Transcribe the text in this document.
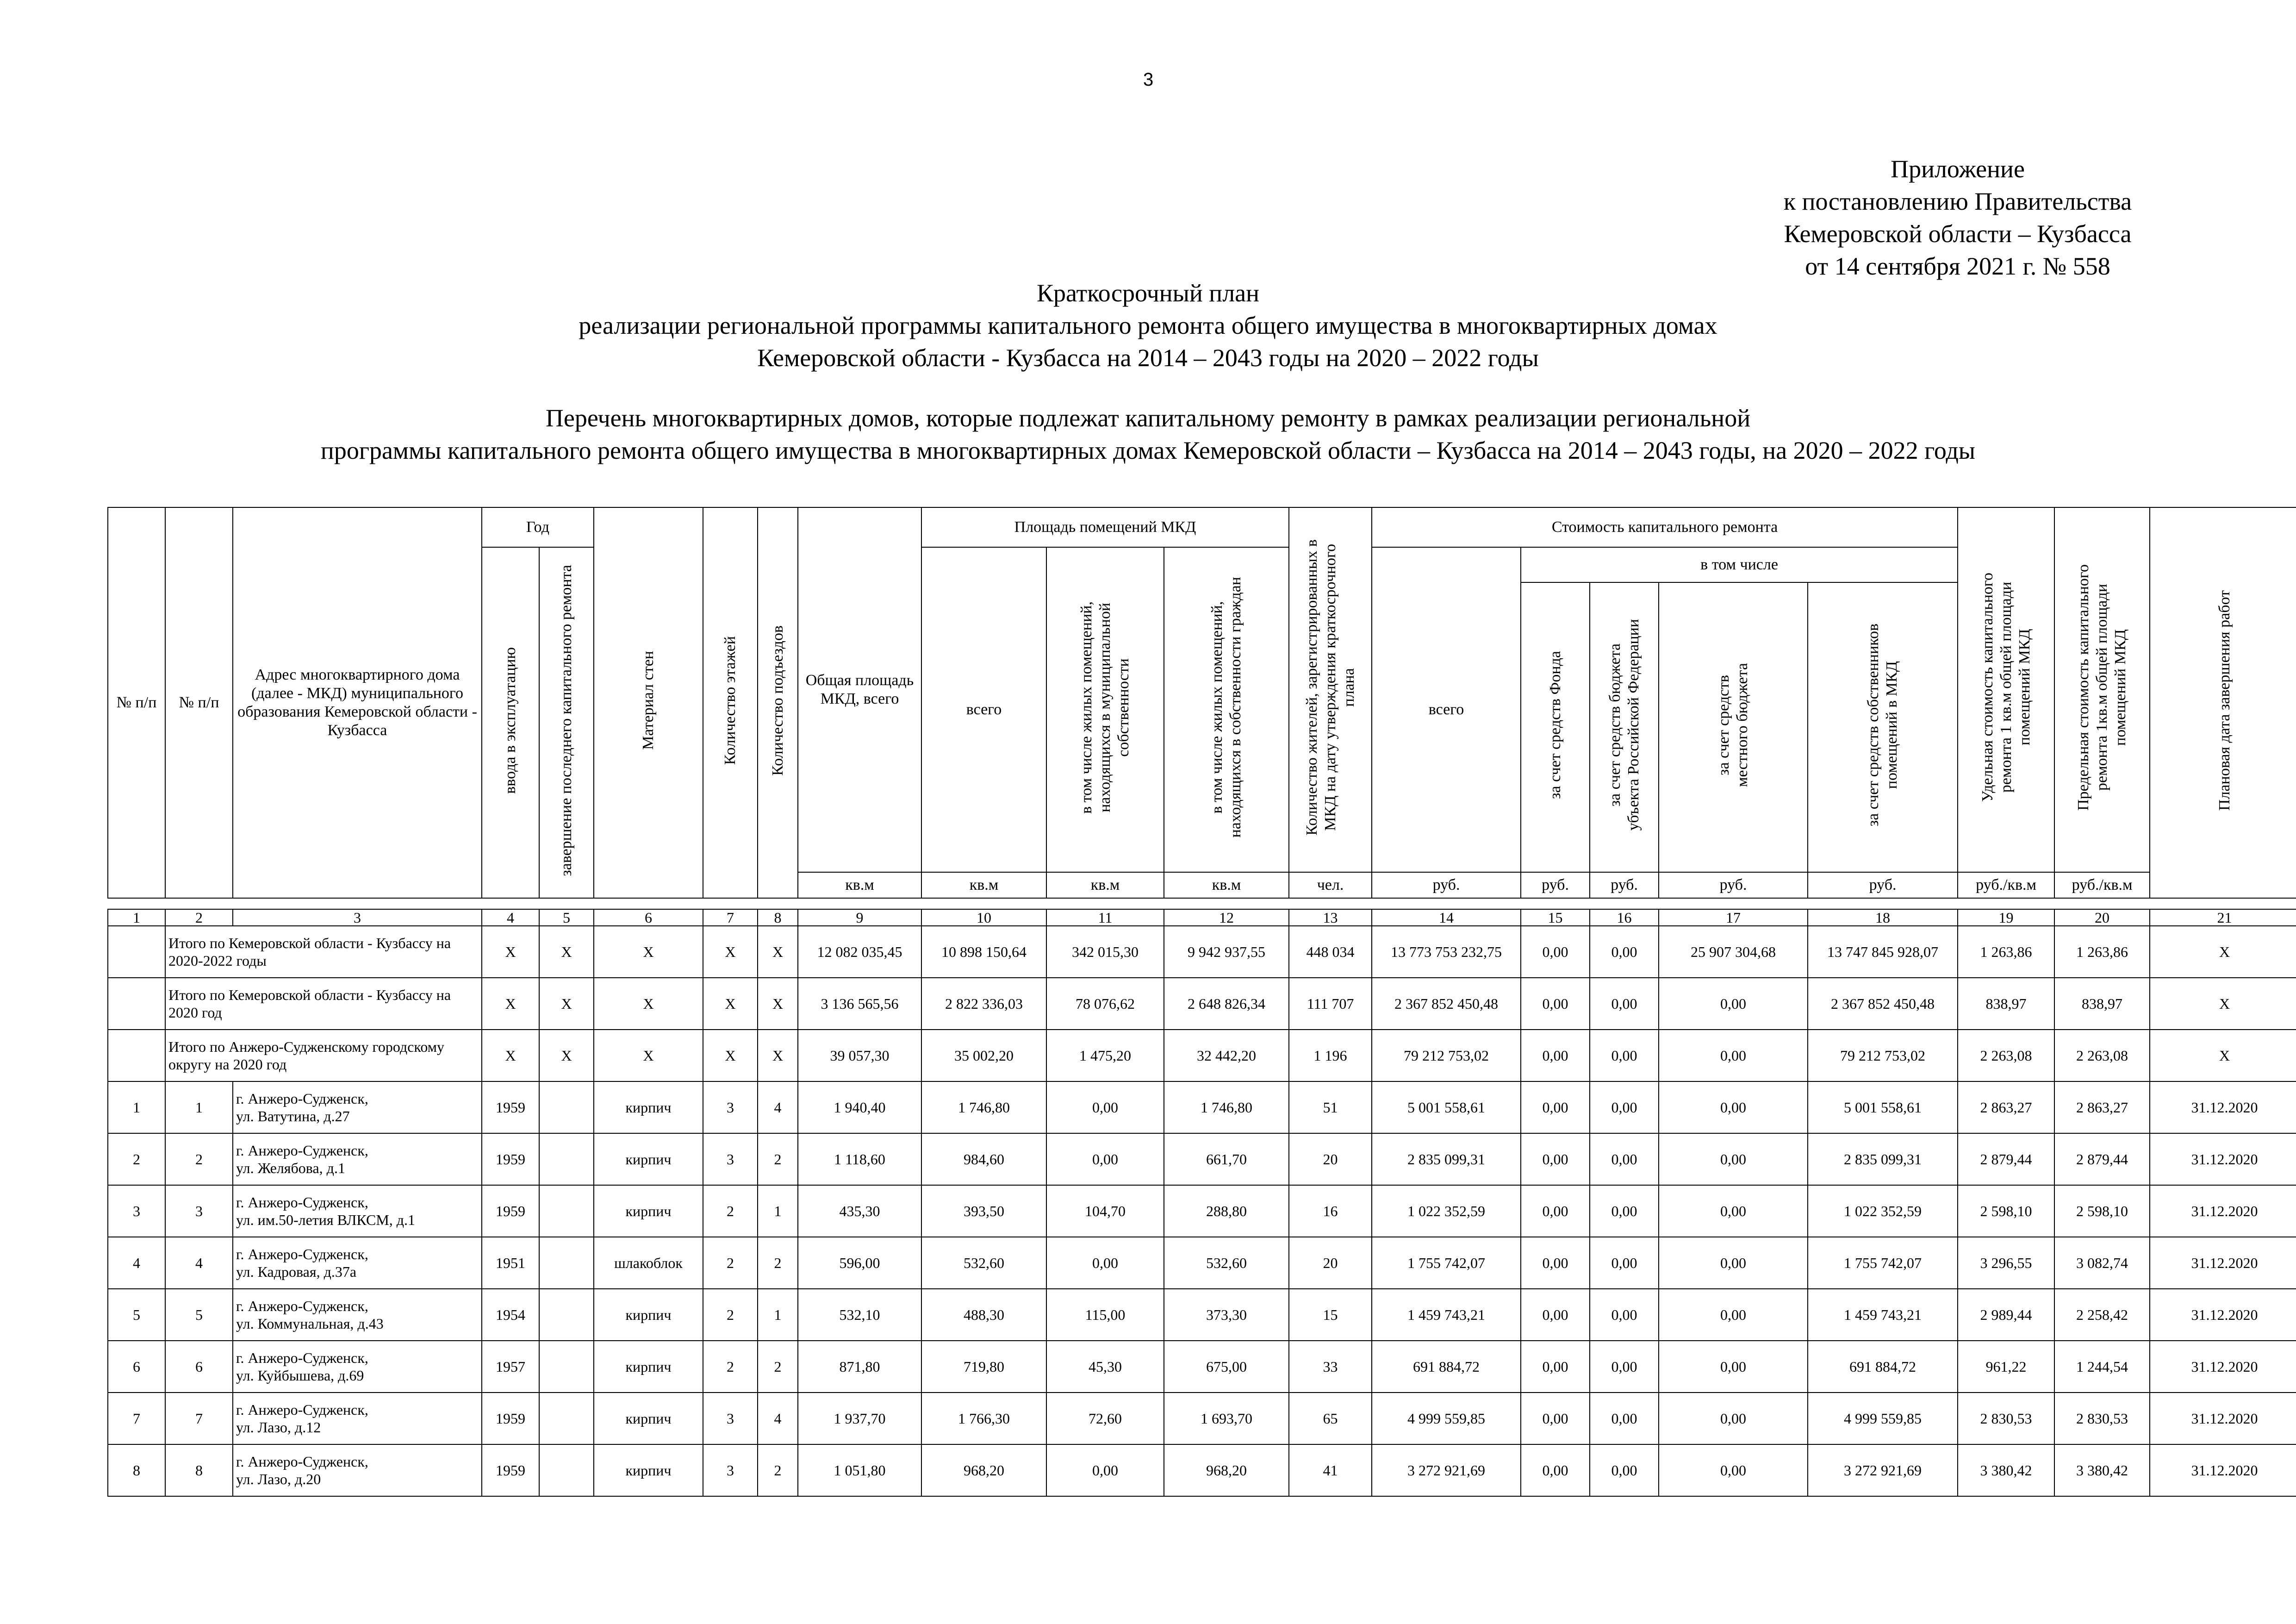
3
Приложение
к постановлению Правительства
Кемеровской области – Кузбасса
от 14 сентября 2021 г. № 558
Краткосрочный план
реализации региональной программы капитального ремонта общего имущества в многоквартирных домах
Кемеровской области - Кузбасса на 2014 – 2043 годы на 2020 – 2022 годы
Перечень многоквартирных домов, которые подлежат капитальному ремонту в рамках реализации региональной
программы капитального ремонта общего имущества в многоквартирных домах Кемеровской области – Кузбасса на 2014 – 2043 годы, на 2020 – 2022 годы
№ п/п	№ п/п	Адрес многоквартирного дома (далее - МКД) муниципального образования Кемеровской области - Кузбасса	Год		Материал стен	Количество этажей	Количество подъездов	Общая площадь МКД, всего	Площадь помещений МКД			Количество жителей, зарегистрированных в
МКД на дату утверждения краткосрочного
плана	Стоимость капитального ремонта					Удельная стоимость капитального
ремонта 1 кв.м общей площади
помещений МКД	Предельная стоимость капитального
ремонта 1кв.м общей площади
помещений МКД	Плановая дата завершения работ
			ввода в эксплуатацию	завершение последнего капитального ремонта					всего	в том числе жилых помещений,
находящихся в муниципальной
собственности	в том числе жилых помещений,
находящихся в собственности граждан		всего	в том числе						
														за счет средств Фонда	за счет средств бюджета
убъекта Российской Федерации	за счет средств
местного бюджета	за счет средств собственников
помещений в МКД			
								кв.м	кв.м	кв.м	кв.м	чел.	руб.	руб.	руб.	руб.	руб.	руб./кв.м	руб./кв.м	
1	2	3	4	5	6	7	8	9	10	11	12	13	14	15	16	17	18	19	20	21
	Итого по Кемеровской области - Кузбассу на 2020-2022 годы		X	X	X	X	X	12 082 035,45	10 898 150,64	342 015,30	9 942 937,55	448 034	13 773 753 232,75	0,00	0,00	25 907 304,68	13 747 845 928,07	1 263,86	1 263,86	X
	Итого по Кемеровской области - Кузбассу на 2020 год		X	X	X	X	X	3 136 565,56	2 822 336,03	78 076,62	2 648 826,34	111 707	2 367 852 450,48	0,00	0,00	0,00	2 367 852 450,48	838,97	838,97	X
	Итого по Анжеро-Судженскому городскому округу на 2020 год		X	X	X	X	X	39 057,30	35 002,20	1 475,20	32 442,20	1 196	79 212 753,02	0,00	0,00	0,00	79 212 753,02	2 263,08	2 263,08	X
1	1	г. Анжеро-Судженск,
ул. Ватутина, д.27	1959		кирпич	3	4	1 940,40	1 746,80	0,00	1 746,80	51	5 001 558,61	0,00	0,00	0,00	5 001 558,61	2 863,27	2 863,27	31.12.2020
2	2	г. Анжеро-Судженск,
ул. Желябова, д.1	1959		кирпич	3	2	1 118,60	984,60	0,00	661,70	20	2 835 099,31	0,00	0,00	0,00	2 835 099,31	2 879,44	2 879,44	31.12.2020
3	3	г. Анжеро-Судженск,
ул. им.50-летия ВЛКСМ, д.1	1959		кирпич	2	1	435,30	393,50	104,70	288,80	16	1 022 352,59	0,00	0,00	0,00	1 022 352,59	2 598,10	2 598,10	31.12.2020
4	4	г. Анжеро-Судженск,
ул. Кадровая, д.37а	1951		шлакоблок	2	2	596,00	532,60	0,00	532,60	20	1 755 742,07	0,00	0,00	0,00	1 755 742,07	3 296,55	3 082,74	31.12.2020
5	5	г. Анжеро-Судженск,
ул. Коммунальная, д.43	1954		кирпич	2	1	532,10	488,30	115,00	373,30	15	1 459 743,21	0,00	0,00	0,00	1 459 743,21	2 989,44	2 258,42	31.12.2020
6	6	г. Анжеро-Судженск,
ул. Куйбышева, д.69	1957		кирпич	2	2	871,80	719,80	45,30	675,00	33	691 884,72	0,00	0,00	0,00	691 884,72	961,22	1 244,54	31.12.2020
7	7	г. Анжеро-Судженск,
ул. Лазо, д.12	1959		кирпич	3	4	1 937,70	1 766,30	72,60	1 693,70	65	4 999 559,85	0,00	0,00	0,00	4 999 559,85	2 830,53	2 830,53	31.12.2020
8	8	г. Анжеро-Судженск,
ул. Лазо, д.20	1959		кирпич	3	2	1 051,80	968,20	0,00	968,20	41	3 272 921,69	0,00	0,00	0,00	3 272 921,69	3 380,42	3 380,42	31.12.2020
